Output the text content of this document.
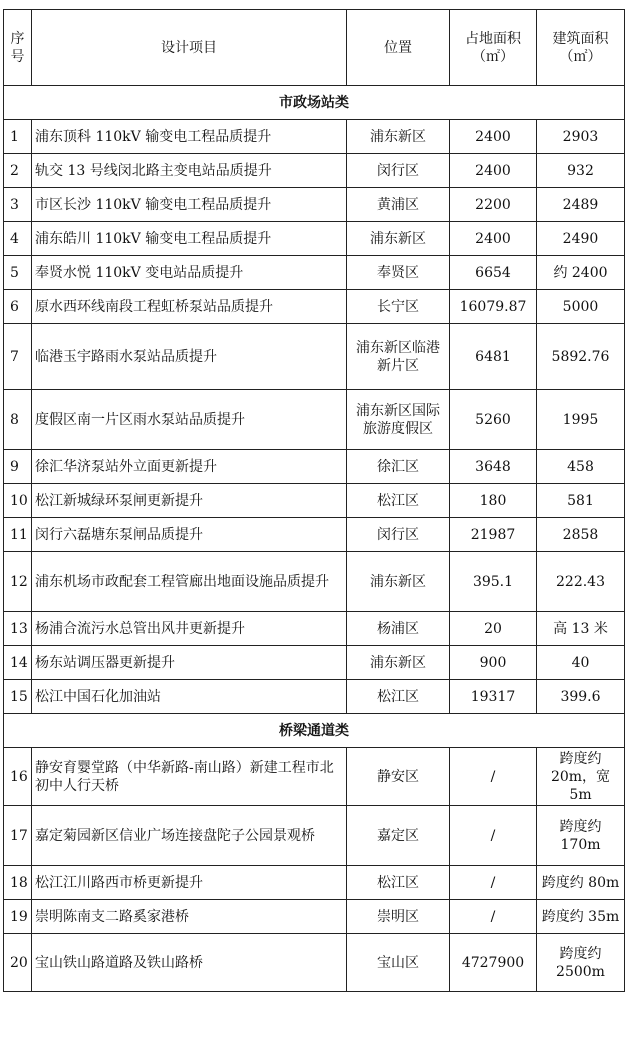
序号	设计项目	位置	占地面积（㎡）	建筑面积（㎡）
市政场站类				
1	浦东顶科 110kV 输变电工程品质提升	浦东新区	2400	2903
2	轨交 13 号线闵北路主变电站品质提升	闵行区	2400	932
3	市区长沙 110kV 输变电工程品质提升	黄浦区	2200	2489
4	浦东皓川 110kV 输变电工程品质提升	浦东新区	2400	2490
5	奉贤水悦 110kV 变电站品质提升	奉贤区	6654	约 2400
6	原水西环线南段工程虹桥泵站品质提升	长宁区	16079.87	5000
7	临港玉宇路雨水泵站品质提升	浦东新区临港新片区	6481	5892.76
8	度假区南一片区雨水泵站品质提升	浦东新区国际旅游度假区	5260	1995
9	徐汇华济泵站外立面更新提升	徐汇区	3648	458
10	松江新城绿环泵闸更新提升	松江区	180	581
11	闵行六磊塘东泵闸品质提升	闵行区	21987	2858
12	浦东机场市政配套工程管廊出地面设施品质提升	浦东新区	395.1	222.43
13	杨浦合流污水总管出风井更新提升	杨浦区	20	高 13 米
14	杨东站调压器更新提升	浦东新区	900	40
15	松江中国石化加油站	松江区	19317	399.6
桥梁通道类				
16	静安育婴堂路（中华新路-南山路）新建工程市北初中人行天桥	静安区	/	跨度约 20m，宽 5m
17	嘉定菊园新区信业广场连接盘陀子公园景观桥	嘉定区	/	跨度约 170m
18	松江江川路西市桥更新提升	松江区	/	跨度约 80m
19	崇明陈南支二路奚家港桥	崇明区	/	跨度约 35m
20	宝山铁山路道路及铁山路桥	宝山区	4727900	跨度约 2500m
